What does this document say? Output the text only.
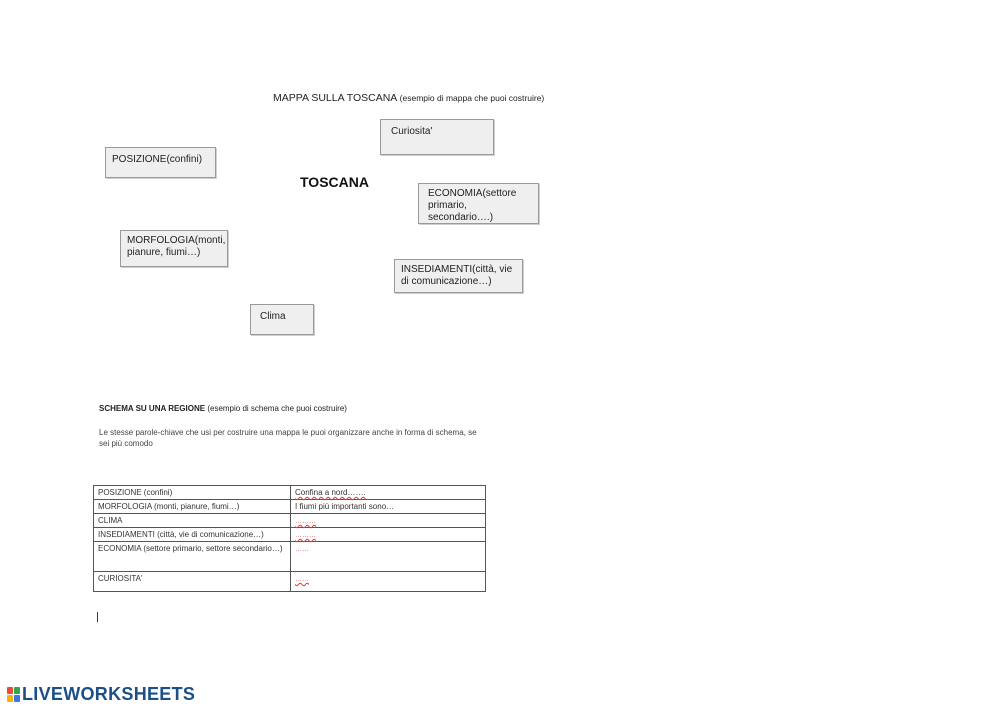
MAPPA SULLA TOSCANA (esempio di mappa che puoi costruire)
TOSCANA
POSIZIONE(confini)
Curiosita'
ECONOMIA(settore primario, secondario….)
MORFOLOGIA(monti, pianure, fiumi…)
INSEDIAMENTI(città, vie di comunicazione…)
Clima
SCHEMA SU UNA REGIONE (esempio di schema che puoi costruire)
Le stesse parole-chiave che usi per costruire una mappa le puoi organizzare anche in forma di schema, se sei più comodo
POSIZIONE (confini)	Confina a nord…….
MORFOLOGIA (monti, pianure, fiumi…)	I fiumi più importanti sono…
CLIMA	………
INSEDIAMENTI (città, vie di comunicazione…)	………
ECONOMIA (settore primario, settore secondario…)	……
CURIOSITA'	……
LIVEWORKSHEETS
